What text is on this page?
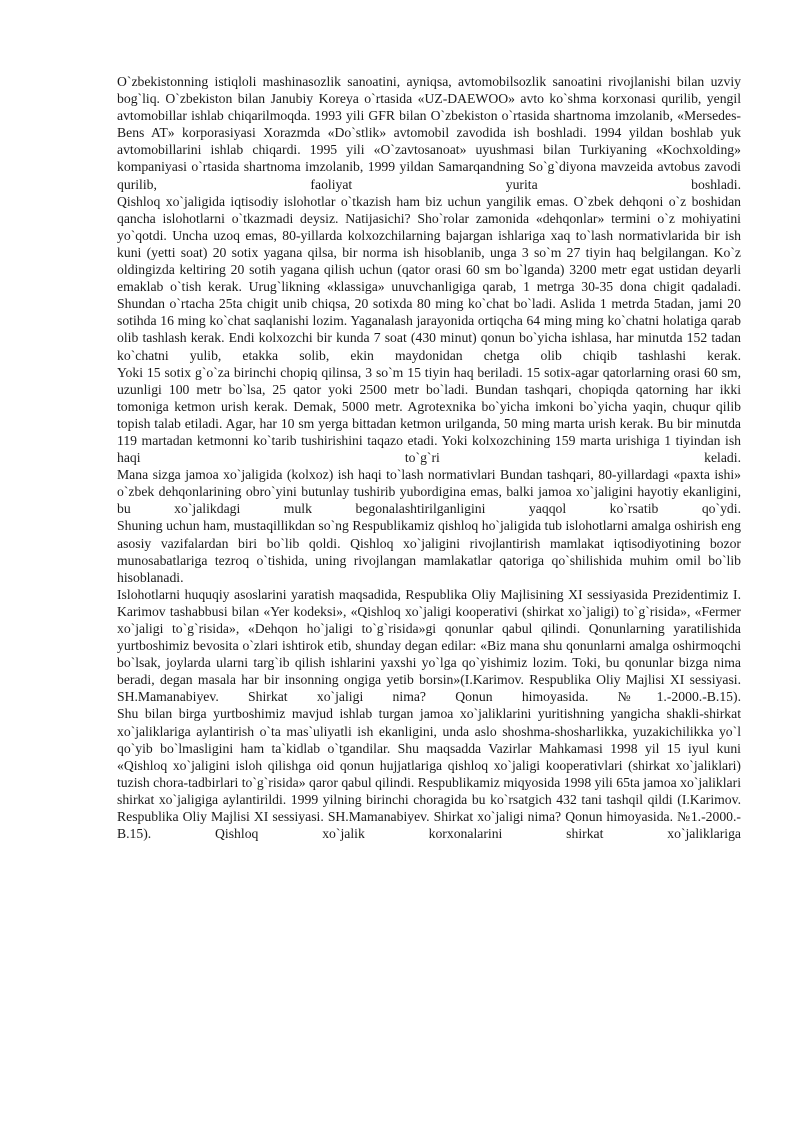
O`zbekistonning istiqloli mashinasozlik sanoatini, ayniqsa, avtomobilsozlik sanoatini rivojlanishi bilan uzviy bog`liq. O`zbekiston bilan Janubiy Koreya o`rtasida «UZ-DAEWOO» avto ko`shma korxonasi qurilib, yengil avtomobillar ishlab chiqarilmoqda. 1993 yili GFR bilan O`zbekiston o`rtasida shartnoma imzolanib, «Mersedes-Bens AT» korporasiyasi Xorazmda «Do`stlik» avtomobil zavodida ish boshladi. 1994 yildan boshlab yuk avtomobillarini ishlab chiqardi. 1995 yili «O`zavtosanoat» uyushmasi bilan Turkiyaning «Kochxolding» kompaniyasi o`rtasida shartnoma imzolanib, 1999 yildan Samarqandning So`g`diyona mavzeida avtobus zavodi qurilib, faoliyat yurita boshladi.

Qishloq xo`jaligida iqtisodiy islohotlar o`tkazish ham biz uchun yangilik emas. O`zbek dehqoni o`z boshidan qancha islohotlarni o`tkazmadi deysiz. Natijasichi? Sho`rolar zamonida «dehqonlar» termini o`z mohiyatini yo`qotdi. Uncha uzoq emas, 80-yillarda kolxozchilarning bajargan ishlariga xaq to`lash normativlarida bir ish kuni (yetti soat) 20 sotix yagana qilsa, bir norma ish hisoblanib, unga 3 so`m 27 tiyin haq belgilangan. Ko`z oldingizda keltiring 20 sotih yagana qilish uchun (qator orasi 60 sm bo`lganda) 3200 metr egat ustidan deyarli emaklab o`tish kerak. Urug`likning «klassiga» unuvchanligiga qarab, 1 metrga 30-35 dona chigit qadaladi. Shundan o`rtacha 25ta chigit unib chiqsa, 20 sotixda 80 ming ko`chat bo`ladi. Aslida 1 metrda 5tadan, jami 20 sotihda 16 ming ko`chat saqlanishi lozim. Yaganalash jarayonida ortiqcha 64 ming ming ko`chatni holatiga qarab olib tashlash kerak. Endi kolxozchi bir kunda 7 soat (430 minut) qonun bo`yicha ishlasa, har minutda 152 tadan ko`chatni yulib, etakka solib, ekin maydonidan chetga olib chiqib tashlashi kerak.

Yoki 15 sotix g`o`za birinchi chopiq qilinsa, 3 so`m 15 tiyin haq beriladi. 15 sotix-agar qatorlarning orasi 60 sm, uzunligi 100 metr bo`lsa, 25 qator yoki 2500 metr bo`ladi. Bundan tashqari, chopiqda qatorning har ikki tomoniga ketmon urish kerak. Demak, 5000 metr. Agrotexnika bo`yicha imkoni bo`yicha yaqin, chuqur qilib topish talab etiladi. Agar, har 10 sm yerga bittadan ketmon urilganda, 50 ming marta urish kerak. Bu bir minutda 119 martadan ketmonni ko`tarib tushirishini taqazo etadi. Yoki kolxozchining 159 marta urishiga 1 tiyindan ish haqi to`g`ri keladi.

Mana sizga jamoa xo`jaligida (kolxoz) ish haqi to`lash normativlari Bundan tashqari, 80-yillardagi «paxta ishi» o`zbek dehqonlarining obro`yini butunlay tushirib yubordigina emas, balki jamoa xo`jaligini hayotiy ekanligini, bu xo`jalikdagi mulk begonalashtirilganligini yaqqol ko`rsatib qo`ydi.

Shuning uchun ham, mustaqillikdan so`ng Respublikamiz qishloq ho`jaligida tub islohotlarni amalga oshirish eng asosiy vazifalardan biri bo`lib qoldi. Qishloq xo`jaligini rivojlantirish mamlakat iqtisodiyotining bozor munosabatlariga tezroq o`tishida, uning rivojlangan mamlakatlar qatoriga qo`shilishida muhim omil bo`lib hisoblanadi.

Islohotlarni huquqiy asoslarini yaratish maqsadida, Respublika Oliy Majlisining XI sessiyasida Prezidentimiz I. Karimov tashabbusi bilan «Yer kodeksi», «Qishloq xo`jaligi kooperativi (shirkat xo`jaligi) to`g`risida», «Fermer xo`jaligi to`g`risida», «Dehqon ho`jaligi to`g`risida»gi qonunlar qabul qilindi. Qonunlarning yaratilishida yurtboshimiz bevosita o`zlari ishtirok etib, shunday degan edilar: «Biz mana shu qonunlarni amalga oshirmoqchi bo`lsak, joylarda ularni targ`ib qilish ishlarini yaxshi yo`lga qo`yishimiz lozim. Toki, bu qonunlar bizga nima beradi, degan masala har bir insonning ongiga yetib borsin»(I.Karimov. Respublika Oliy Majlisi XI sessiyasi. SH.Mamanabiyev. Shirkat xo`jaligi nima? Qonun himoyasida. №1.-2000.-B.15).

Shu bilan birga yurtboshimiz mavjud ishlab turgan jamoa xo`jaliklarini yuritishning yangicha shakli-shirkat xo`jaliklariga aylantirish o`ta mas`uliyatli ish ekanligini, unda aslo shoshma-shosharlikka, yuzakichilikka yo`l qo`yib bo`lmasligini ham ta`kidlab o`tgandilar. Shu maqsadda Vazirlar Mahkamasi 1998 yil 15 iyul kuni «Qishloq xo`jaligini isloh qilishga oid qonun hujjatlariga qishloq xo`jaligi kooperativlari (shirkat xo`jaliklari) tuzish chora-tadbirlari to`g`risida» qaror qabul qilindi. Respublikamiz miqyosida 1998 yili 65ta jamoa xo`jaliklari shirkat xo`jaligiga aylantirildi. 1999 yilning birinchi choragida bu ko`rsatgich 432 tani tashqil qildi (I.Karimov. Respublika Oliy Majlisi XI sessiyasi. SH.Mamanabiyev. Shirkat xo`jaligi nima? Qonun himoyasida. №1.-2000.-B.15). Qishloq xo`jalik korxonalarini shirkat xo`jaliklariga
